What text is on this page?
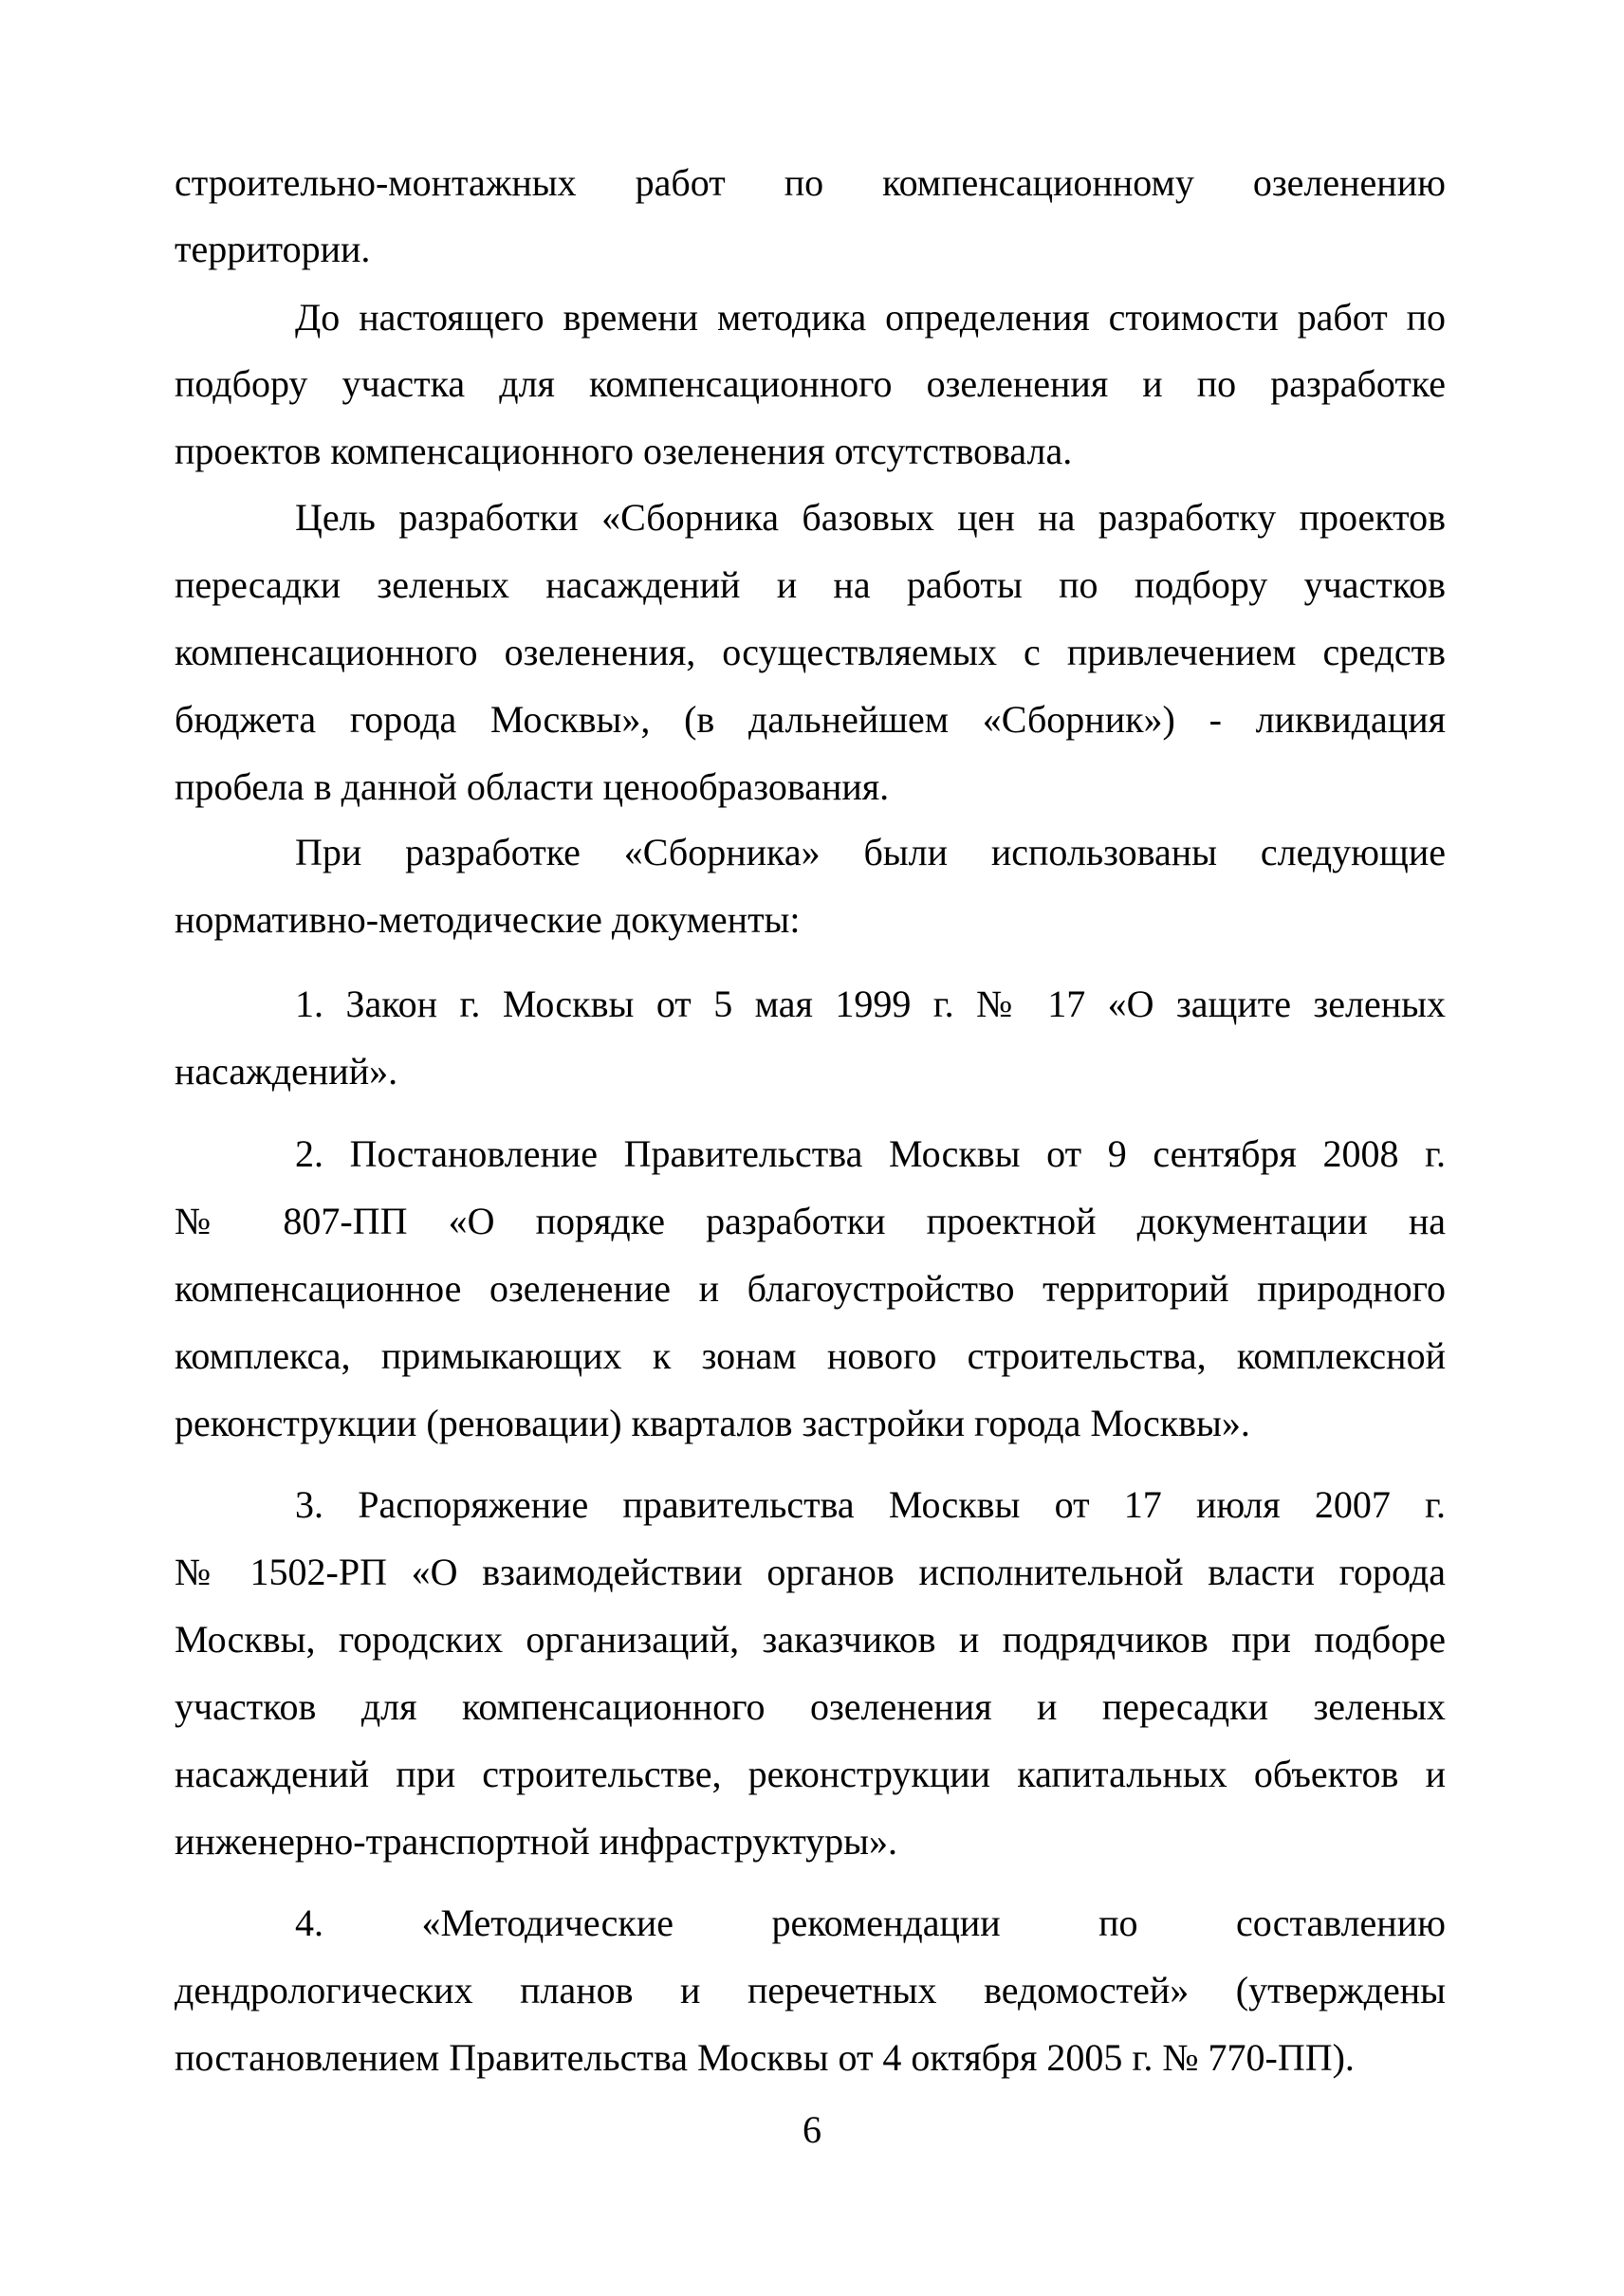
строительно-монтажных работ по компенсационному озеленению
территории.
До настоящего времени методика определения стоимости работ по
подбору участка для компенсационного озеленения и по разработке
проектов компенсационного озеленения отсутствовала.
Цель разработки «Сборника базовых цен на разработку проектов
пересадки зеленых насаждений и на работы по подбору участков
компенсационного озеленения, осуществляемых с привлечением средств
бюджета города Москвы», (в дальнейшем «Сборник») - ликвидация
пробела в данной области ценообразования.
При разработке «Сборника» были использованы следующие
нормативно-методические документы:
1. Закон г. Москвы от 5 мая 1999 г. № 17 «О защите зеленых
насаждений».
2. Постановление Правительства Москвы от 9 сентября 2008 г.
№ 807-ПП «О порядке разработки проектной документации на
компенсационное озеленение и благоустройство территорий природного
комплекса, примыкающих к зонам нового строительства, комплексной
реконструкции (реновации) кварталов застройки города Москвы».
3. Распоряжение правительства Москвы от 17 июля 2007 г.
№ 1502-РП «О взаимодействии органов исполнительной власти города
Москвы, городских организаций, заказчиков и подрядчиков при подборе
участков для компенсационного озеленения и пересадки зеленых
насаждений при строительстве, реконструкции капитальных объектов и
инженерно-транспортной инфраструктуры».
4. «Методические рекомендации по составлению
дендрологических планов и перечетных ведомостей» (утверждены
постановлением Правительства Москвы от 4 октября 2005 г. № 770-ПП).
6
